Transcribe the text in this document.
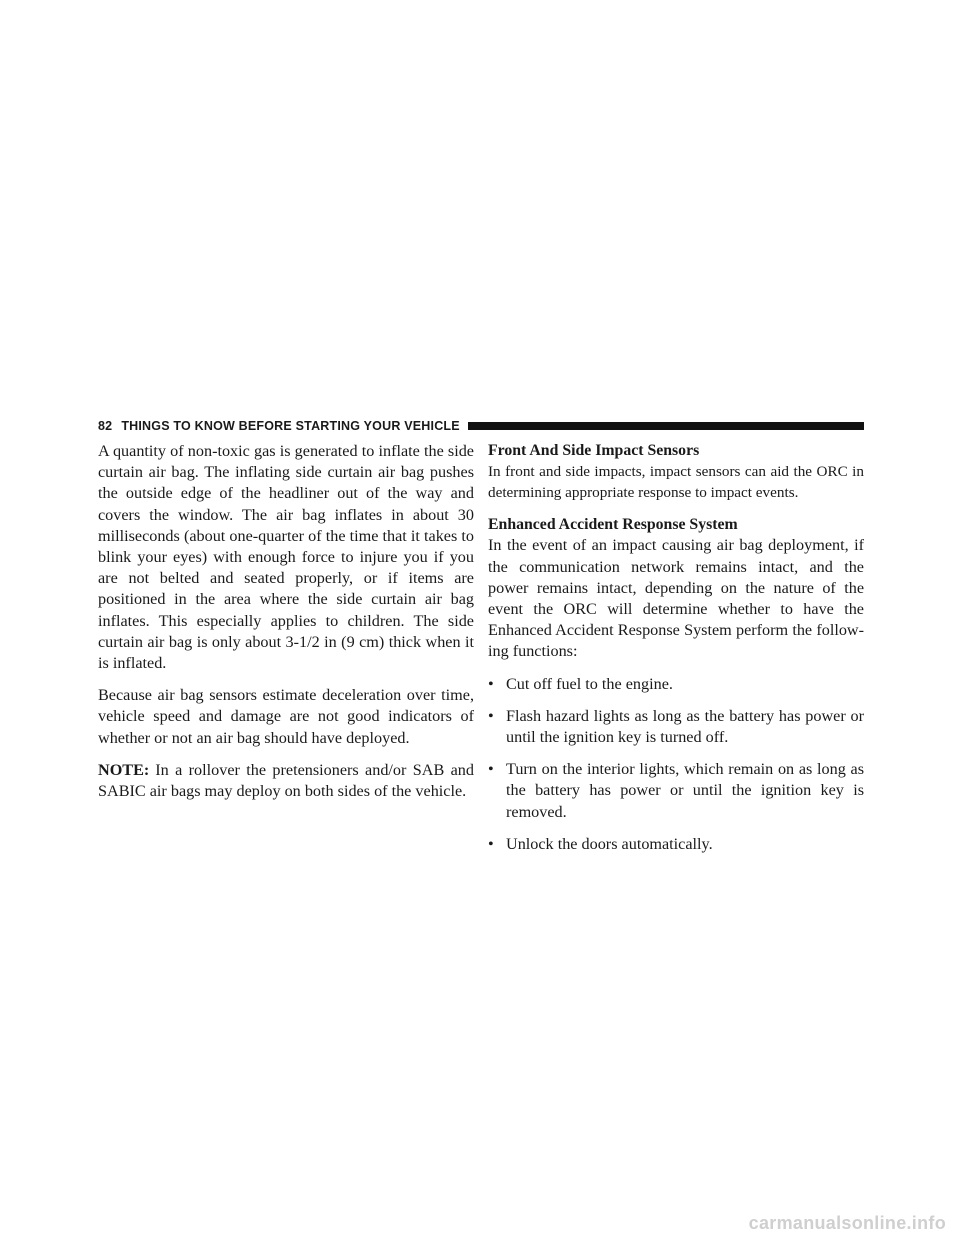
82 THINGS TO KNOW BEFORE STARTING YOUR VEHICLE

A quantity of non-toxic gas is generated to inflate the side curtain air bag. The inflating side curtain air bag pushes the outside edge of the headliner out of the way and covers the window. The air bag inflates in about 30 milliseconds (about one-quarter of the time that it takes to blink your eyes) with enough force to injure you if you are not belted and seated properly, or if items are positioned in the area where the side curtain air bag inflates. This especially applies to children. The side curtain air bag is only about 3-1/2 in (9 cm) thick when it is inflated.

Because air bag sensors estimate deceleration over time, vehicle speed and damage are not good indicators of whether or not an air bag should have deployed.

NOTE: In a rollover the pretensioners and/or SAB and SABIC air bags may deploy on both sides of the vehicle.

Front And Side Impact Sensors

In front and side impacts, impact sensors can aid the ORC in determining appropriate response to impact events.

Enhanced Accident Response System

In the event of an impact causing air bag deployment, if the communication network remains intact, and the power remains intact, depending on the nature of the event the ORC will determine whether to have the Enhanced Accident Response System perform the follow-ing functions:

• Cut off fuel to the engine.
• Flash hazard lights as long as the battery has power or until the ignition key is turned off.
• Turn on the interior lights, which remain on as long as the battery has power or until the ignition key is removed.
• Unlock the doors automatically.
carmanualsonline.info
